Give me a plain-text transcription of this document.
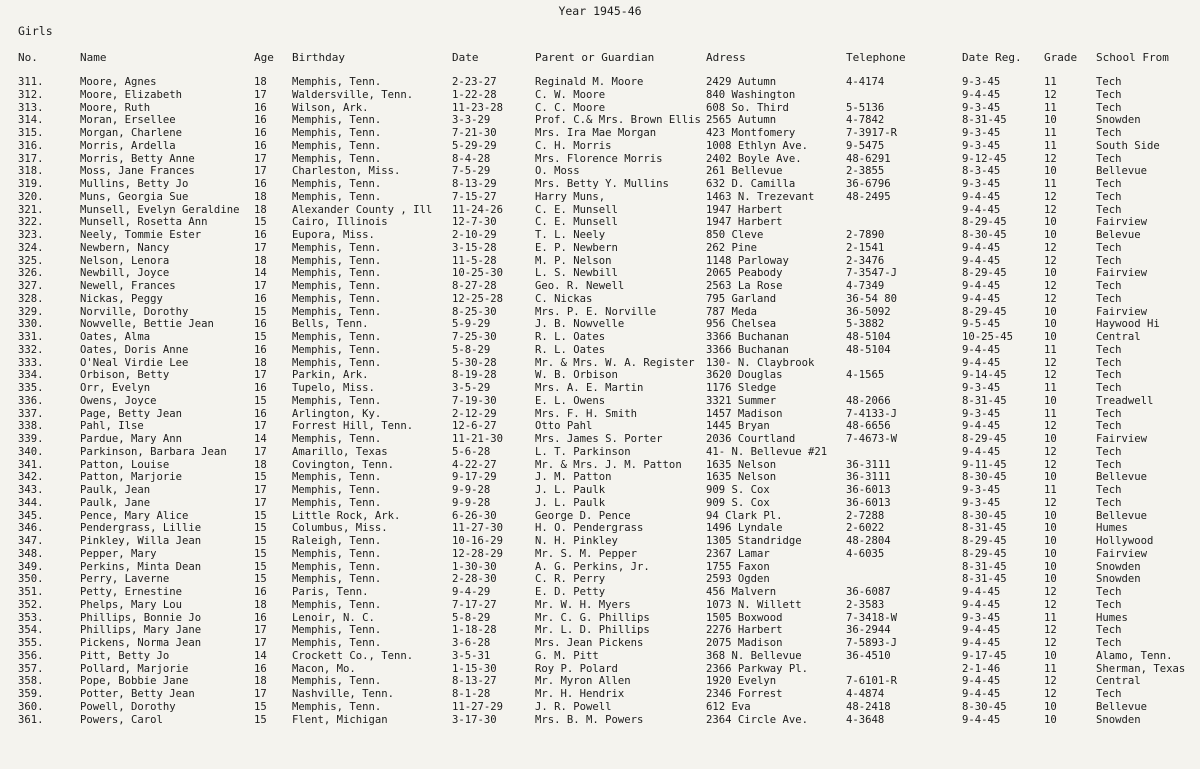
Year 1945-46
Girls
No.	Name	Age Birthday	Date	Parent or Guardian	Adress	Telephone	Date Reg. Grade School From
311.	Moore, Agnes	18 Memphis, Tenn.	2-23-27	Reginald M. Moore	2429 Autumn	4-4174	9-3-45	11	Tech
312.	Moore, Elizabeth	17 Waldersville, Tenn.	1-22-28	C. W. Moore	840 Washington	9-4-45	12	Tech
313.	Moore, Ruth	16 Wilson, Ark.	11-23-28	C. C. Moore	608 So. Third	5-5136	9-3-45	11	Tech
314.	Moran, Ersellee	16 Memphis, Tenn.	3-3-29	Prof. C.& Mrs. Brown Ellis 2565 Autumn	4-7842	8-31-45	10	Snowden
315.	Morgan, Charlene	16 Memphis, Tenn.	7-21-30	Mrs. Ira Mae Morgan	423 Montfomery	7-3917-R	9-3-45	11	Tech
316.	Morris, Ardella	16 Memphis, Tenn.	5-29-29	C. H. Morris	1008 Ethlyn Ave.	9-5475	9-3-45	11	South Side
317.	Morris, Betty Anne	17 Memphis, Tenn.	8-4-28	Mrs. Florence Morris	2402 Boyle Ave.	48-6291	9-12-45	12	Tech
318.	Moss, Jane Frances	17 Charleston, Miss.	7-5-29	O. Moss	261 Bellevue	2-3855	8-3-45	10	Bellevue
319.	Mullins, Betty Jo	16 Memphis, Tenn.	8-13-29	Mrs. Betty Y. Mullins	632 D. Camilla	36-6796	9-3-45	11	Tech
320.	Muns, Georgia Sue	18 Memphis, Tenn.	7-15-27	Harry Muns,	1463 N. Trezevant	48-2495	9-4-45	12	Tech
321.	Munsell, Evelyn Geraldine 18 Alexander County , Ill 11-24-26	C. E. Munsell	1947 Harbert	9-4-45	12	Tech
322.	Munsell, Rosetta Ann	15 Cairo, Illinois	12-7-30	C. E. Munsell	1947 Harbert	8-29-45	10	Fairview
323.	Neely, Tommie Ester	16 Eupora, Miss.	2-10-29	T. L. Neely	850 Cleve	2-7890	8-30-45	10	Belevue
324.	Newbern, Nancy	17 Memphis, Tenn.	3-15-28	E. P. Newbern	262 Pine	2-1541	9-4-45	12	Tech
325.	Nelson, Lenora	18 Memphis, Tenn.	11-5-28	M. P. Nelson	1148 Parloway	2-3476	9-4-45	12	Tech
326.	Newbill, Joyce	14 Memphis, Tenn.	10-25-30	L. S. Newbill	2065 Peabody	7-3547-J	8-29-45	10	Fairview
327.	Newell, Frances	17 Memphis, Tenn.	8-27-28	Geo. R. Newell	2563 La Rose	4-7349	9-4-45	12	Tech
328.	Nickas, Peggy	16 Memphis, Tenn.	12-25-28	C. Nickas	795 Garland	36-54 80	9-4-45	12	Tech
329.	Norville, Dorothy	15 Memphis, Tenn.	8-25-30	Mrs. P. E. Norville	787 Meda	36-5092	8-29-45	10	Fairview
330.	Nowvelle, Bettie Jean	16 Bells, Tenn.	5-9-29	J. B. Nowvelle	956 Chelsea	5-3882	9-5-45	10	Haywood Hi
331.	Oates, Alma	15 Memphis, Tenn.	7-25-30	R. L. Oates	3366 Buchanan	48-5104	10-25-45	10	Central
332.	Oates, Doris Anne	16 Memphis, Tenn.	5-8-29	R. L. Oates	3366 Buchanan	48-5104	9-4-45	11	Tech
333.	O'Neal Virdie Lee	18 Memphis, Tenn.	5-30-28	Mr. & Mrs. W. A. Register 130- N. Claybrook	9-4-45	12	Tech
334.	Orbison, Betty	17 Parkin, Ark.	8-19-28	W. B. Orbison	3620 Douglas	4-1565	9-14-45	12	Tech
335.	Orr, Evelyn	16 Tupelo, Miss.	3-5-29	Mrs. A. E. Martin	1176 Sledge	9-3-45	11	Tech
336.	Owens, Joyce	15 Memphis, Tenn.	7-19-30	E. L. Owens	3321 Summer	48-2066	8-31-45	10	Treadwell
337.	Page, Betty Jean	16 Arlington, Ky.	2-12-29	Mrs. F. H. Smith	1457 Madison	7-4133-J	9-3-45	11	Tech
338.	Pahl, Ilse	17 Forrest Hill, Tenn.	12-6-27	Otto Pahl	1445 Bryan	48-6656	9-4-45	12	Tech
339.	Pardue, Mary Ann	14 Memphis, Tenn.	11-21-30	Mrs. James S. Porter	2036 Courtland	7-4673-W	8-29-45	10	Fairview
340.	Parkinson, Barbara Jean	17 Amarillo, Texas	5-6-28	L. T. Parkinson	41- N. Bellevue #21	9-4-45	12	Tech
341.	Patton, Louise	18 Covington, Tenn.	4-22-27	Mr. & Mrs. J. M. Patton 1635 Nelson	36-3111	9-11-45	12	Tech
342.	Patton, Marjorie	15 Memphis, Tenn.	9-17-29	J. M. Patton	1635 Nelson	36-3111	8-30-45	10	Bellevue
343.	Paulk, Jean	17 Memphis, Tenn.	9-9-28	J. L. Paulk	909 S. Cox	36-6013	9-3-45	11	Tech
344.	Paulk, Jane	17 Memphis, Tenn.	9-9-28	J. L. Paulk	909 S. Cox	36-6013	9-3-45	12	Tech
345.	Pence, Mary Alice	15 Little Rock, Ark.	6-26-30	George D. Pence	94 Clark Pl.	2-7288	8-30-45	10	Bellevue
346.	Pendergrass, Lillie	15 Columbus, Miss.	11-27-30	H. O. Pendergrass	1496 Lyndale	2-6022	8-31-45	10	Humes
347.	Pinkley, Willa Jean	15 Raleigh, Tenn.	10-16-29	N. H. Pinkley	1305 Standridge	48-2804	8-29-45	10	Hollywood
348.	Pepper, Mary	15 Memphis, Tenn.	12-28-29	Mr. S. M. Pepper	2367 Lamar	4-6035	8-29-45	10	Fairview
349.	Perkins, Minta Dean	15 Memphis, Tenn.	1-30-30	A. G. Perkins, Jr.	1755 Faxon	8-31-45	10	Snowden
350.	Perry, Laverne	15 Memphis, Tenn.	2-28-30	C. R. Perry	2593 Ogden	8-31-45	10	Snowden
351.	Petty, Ernestine	16 Paris, Tenn.	9-4-29	E. D. Petty	456 Malvern	36-6087	9-4-45	12	Tech
352.	Phelps, Mary Lou	18 Memphis, Tenn.	7-17-27	Mr. W. H. Myers	1073 N. Willett	2-3583	9-4-45	12	Tech
353.	Phillips, Bonnie Jo	16 Lenoir, N. C.	5-8-29	Mr. C. G. Phillips	1505 Boxwood	7-3418-W	9-3-45	11	Humes
354.	Phillips, Mary Jane	17 Memphis, Tenn.	1-18-28	Mr. L. D. Phillips	2276 Harbert	36-2944	9-4-45	12	Tech
355.	Pickens, Norma Jean	17 Memphis, Tenn.	3-6-28	Mrs. Jean Pickens	2075 Madison	7-5893-J	9-4-45	12	Tech
356.	Pitt, Betty Jo	14 Crockett Co., Tenn.	3-5-31	G. M. Pitt	368 N. Bellevue	36-4510	9-17-45	10	Alamo, Tenn.
357.	Pollard, Marjorie	16 Macon, Mo.	1-15-30	Roy P. Polard	2366 Parkway Pl.	2-1-46	11	Sherman, Texas
358.	Pope, Bobbie Jane	18 Memphis, Tenn.	8-13-27	Mr. Myron Allen	1920 Evelyn	7-6101-R	9-4-45	12	Central
359.	Potter, Betty Jean	17 Nashville, Tenn.	8-1-28	Mr. H. Hendrix	2346 Forrest	4-4874	9-4-45	12	Tech
360.	Powell, Dorothy	15 Memphis, Tenn.	11-27-29	J. R. Powell	612 Eva	48-2418	8-30-45	10	Bellevue
361.	Powers, Carol	15 Flent, Michigan	3-17-30	Mrs. B. M. Powers	2364 Circle Ave.	4-3648	9-4-45	10	Snowden
